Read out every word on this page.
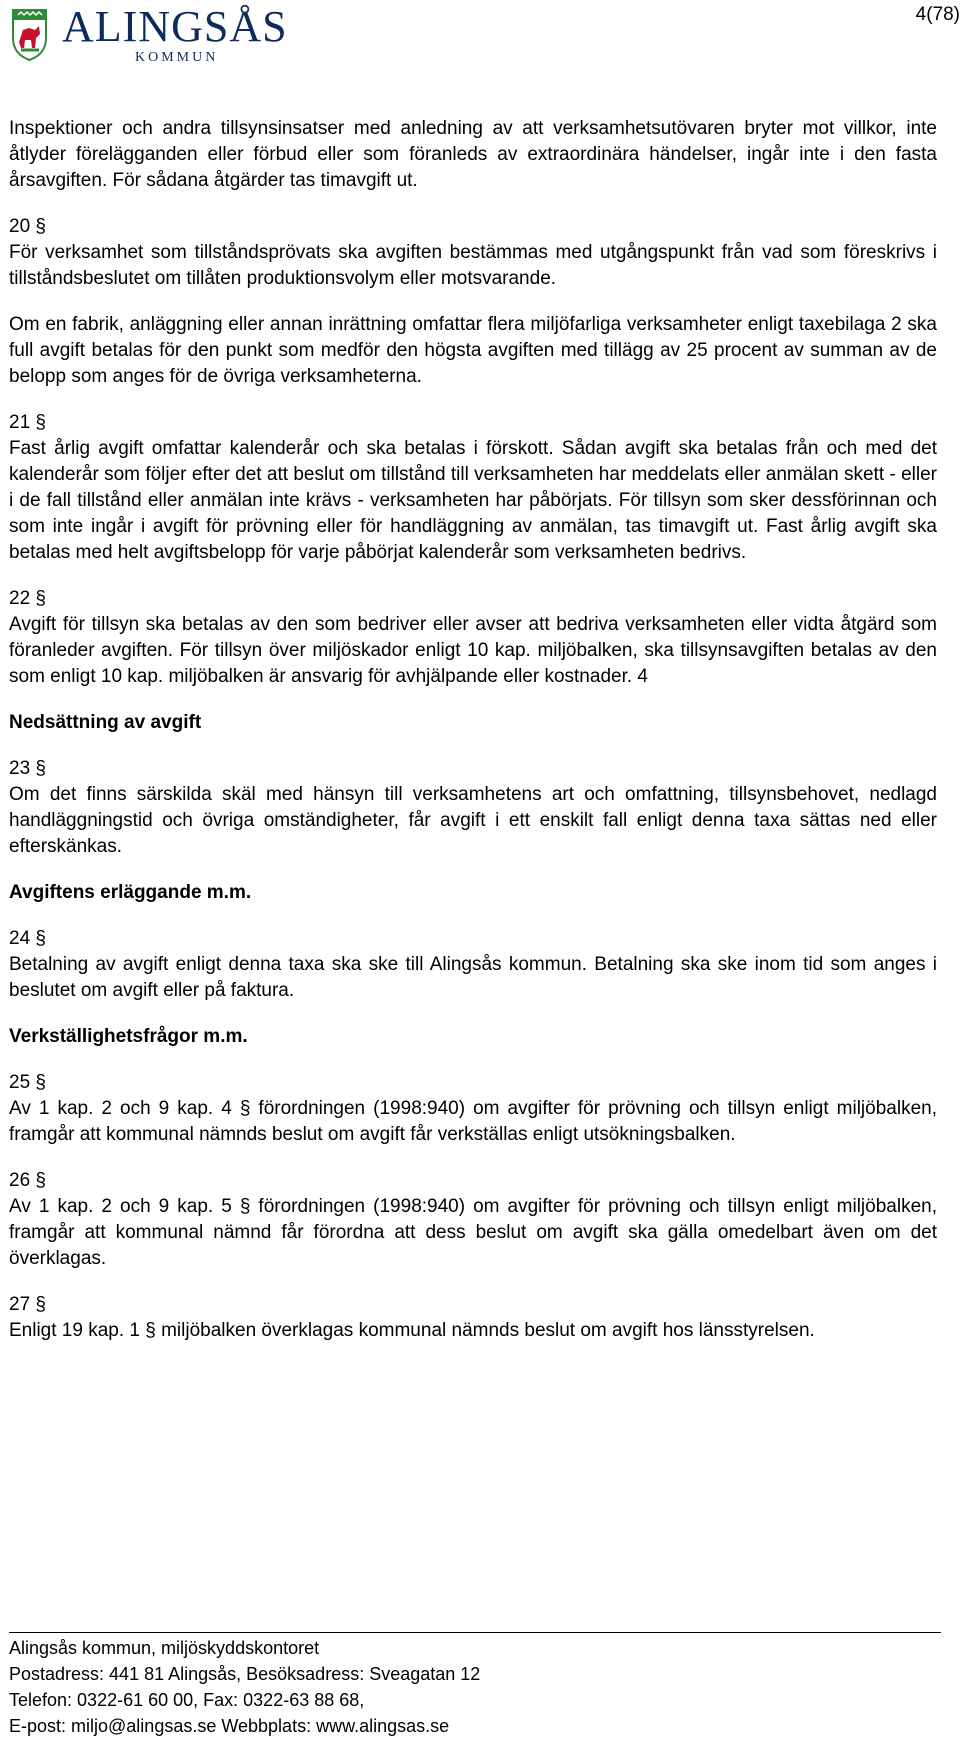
ALINGSÅS
KOMMUN
4(78)

Inspektioner och andra tillsynsinsatser med anledning av att verksamhetsutövaren bryter mot villkor, inte åtlyder förelägganden eller förbud eller som föranleds av extraordinära händelser, ingår inte i den fasta årsavgiften. För sådana åtgärder tas timavgift ut.

20 §
För verksamhet som tillståndsprövats ska avgiften bestämmas med utgångspunkt från vad som föreskrivs i tillståndsbeslutet om tillåten produktionsvolym eller motsvarande.

Om en fabrik, anläggning eller annan inrättning omfattar flera miljöfarliga verksamheter enligt taxebilaga 2 ska full avgift betalas för den punkt som medför den högsta avgiften med tillägg av 25 procent av summan av de belopp som anges för de övriga verksamheterna.

21 §
Fast årlig avgift omfattar kalenderår och ska betalas i förskott. Sådan avgift ska betalas från och med det kalenderår som följer efter det att beslut om tillstånd till verksamheten har meddelats eller anmälan skett - eller i de fall tillstånd eller anmälan inte krävs - verksamheten har påbörjats. För tillsyn som sker dessförinnan och som inte ingår i avgift för prövning eller för handläggning av anmälan, tas timavgift ut. Fast årlig avgift ska betalas med helt avgiftsbelopp för varje påbörjat kalenderår som verksamheten bedrivs.

22 §
Avgift för tillsyn ska betalas av den som bedriver eller avser att bedriva verksamheten eller vidta åtgärd som föranleder avgiften. För tillsyn över miljöskador enligt 10 kap. miljöbalken, ska tillsynsavgiften betalas av den som enligt 10 kap. miljöbalken är ansvarig för avhjälpande eller kostnader. 4

Nedsättning av avgift

23 §
Om det finns särskilda skäl med hänsyn till verksamhetens art och omfattning, tillsynsbehovet, nedlagd handläggningstid och övriga omständigheter, får avgift i ett enskilt fall enligt denna taxa sättas ned eller efterskänkas.

Avgiftens erläggande m.m.

24 §
Betalning av avgift enligt denna taxa ska ske till Alingsås kommun. Betalning ska ske inom tid som anges i beslutet om avgift eller på faktura.

Verkställighetsfrågor m.m.

25 §
Av 1 kap. 2 och 9 kap. 4 § förordningen (1998:940) om avgifter för prövning och tillsyn enligt miljöbalken, framgår att kommunal nämnds beslut om avgift får verkställas enligt utsökningsbalken.

26 §
Av 1 kap. 2 och 9 kap. 5 § förordningen (1998:940) om avgifter för prövning och tillsyn enligt miljöbalken, framgår att kommunal nämnd får förordna att dess beslut om avgift ska gälla omedelbart även om det överklagas.

27 §
Enligt 19 kap. 1 § miljöbalken överklagas kommunal nämnds beslut om avgift hos länsstyrelsen.

Alingsås kommun, miljöskyddskontoret
Postadress: 441 81 Alingsås, Besöksadress: Sveagatan 12
Telefon: 0322-61 60 00, Fax: 0322-63 88 68,
E-post: miljo@alingsas.se Webbplats: www.alingsas.se
